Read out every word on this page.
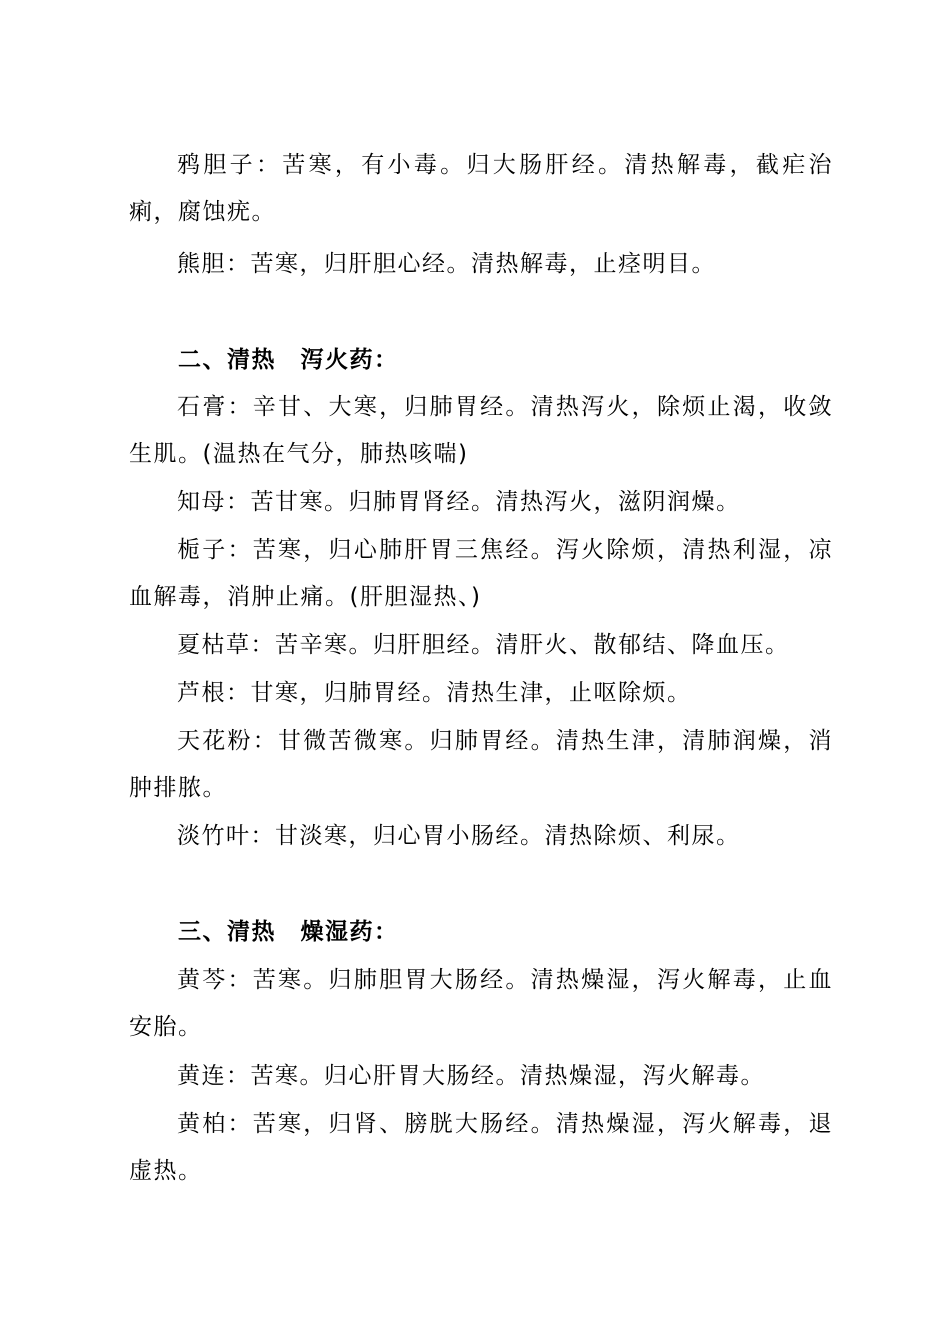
鸦胆子：苦寒，有小毒。归大肠肝经。清热解毒，截疟治痢，腐蚀疣。

熊胆：苦寒，归肝胆心经。清热解毒，止痉明目。

二、清热　泻火药：

石膏：辛甘、大寒，归肺胃经。清热泻火，除烦止渴，收敛生肌。(温热在气分，肺热咳喘)

知母：苦甘寒。归肺胃肾经。清热泻火，滋阴润燥。

栀子：苦寒，归心肺肝胃三焦经。泻火除烦，清热利湿，凉血解毒，消肿止痛。(肝胆湿热、)

夏枯草：苦辛寒。归肝胆经。清肝火、散郁结、降血压。

芦根：甘寒，归肺胃经。清热生津，止呕除烦。

天花粉：甘微苦微寒。归肺胃经。清热生津，清肺润燥，消肿排脓。

淡竹叶：甘淡寒，归心胃小肠经。清热除烦、利尿。

三、清热　燥湿药：

黄芩：苦寒。归肺胆胃大肠经。清热燥湿，泻火解毒，止血安胎。

黄连：苦寒。归心肝胃大肠经。清热燥湿，泻火解毒。

黄柏：苦寒，归肾、膀胱大肠经。清热燥湿，泻火解毒，退虚热。
